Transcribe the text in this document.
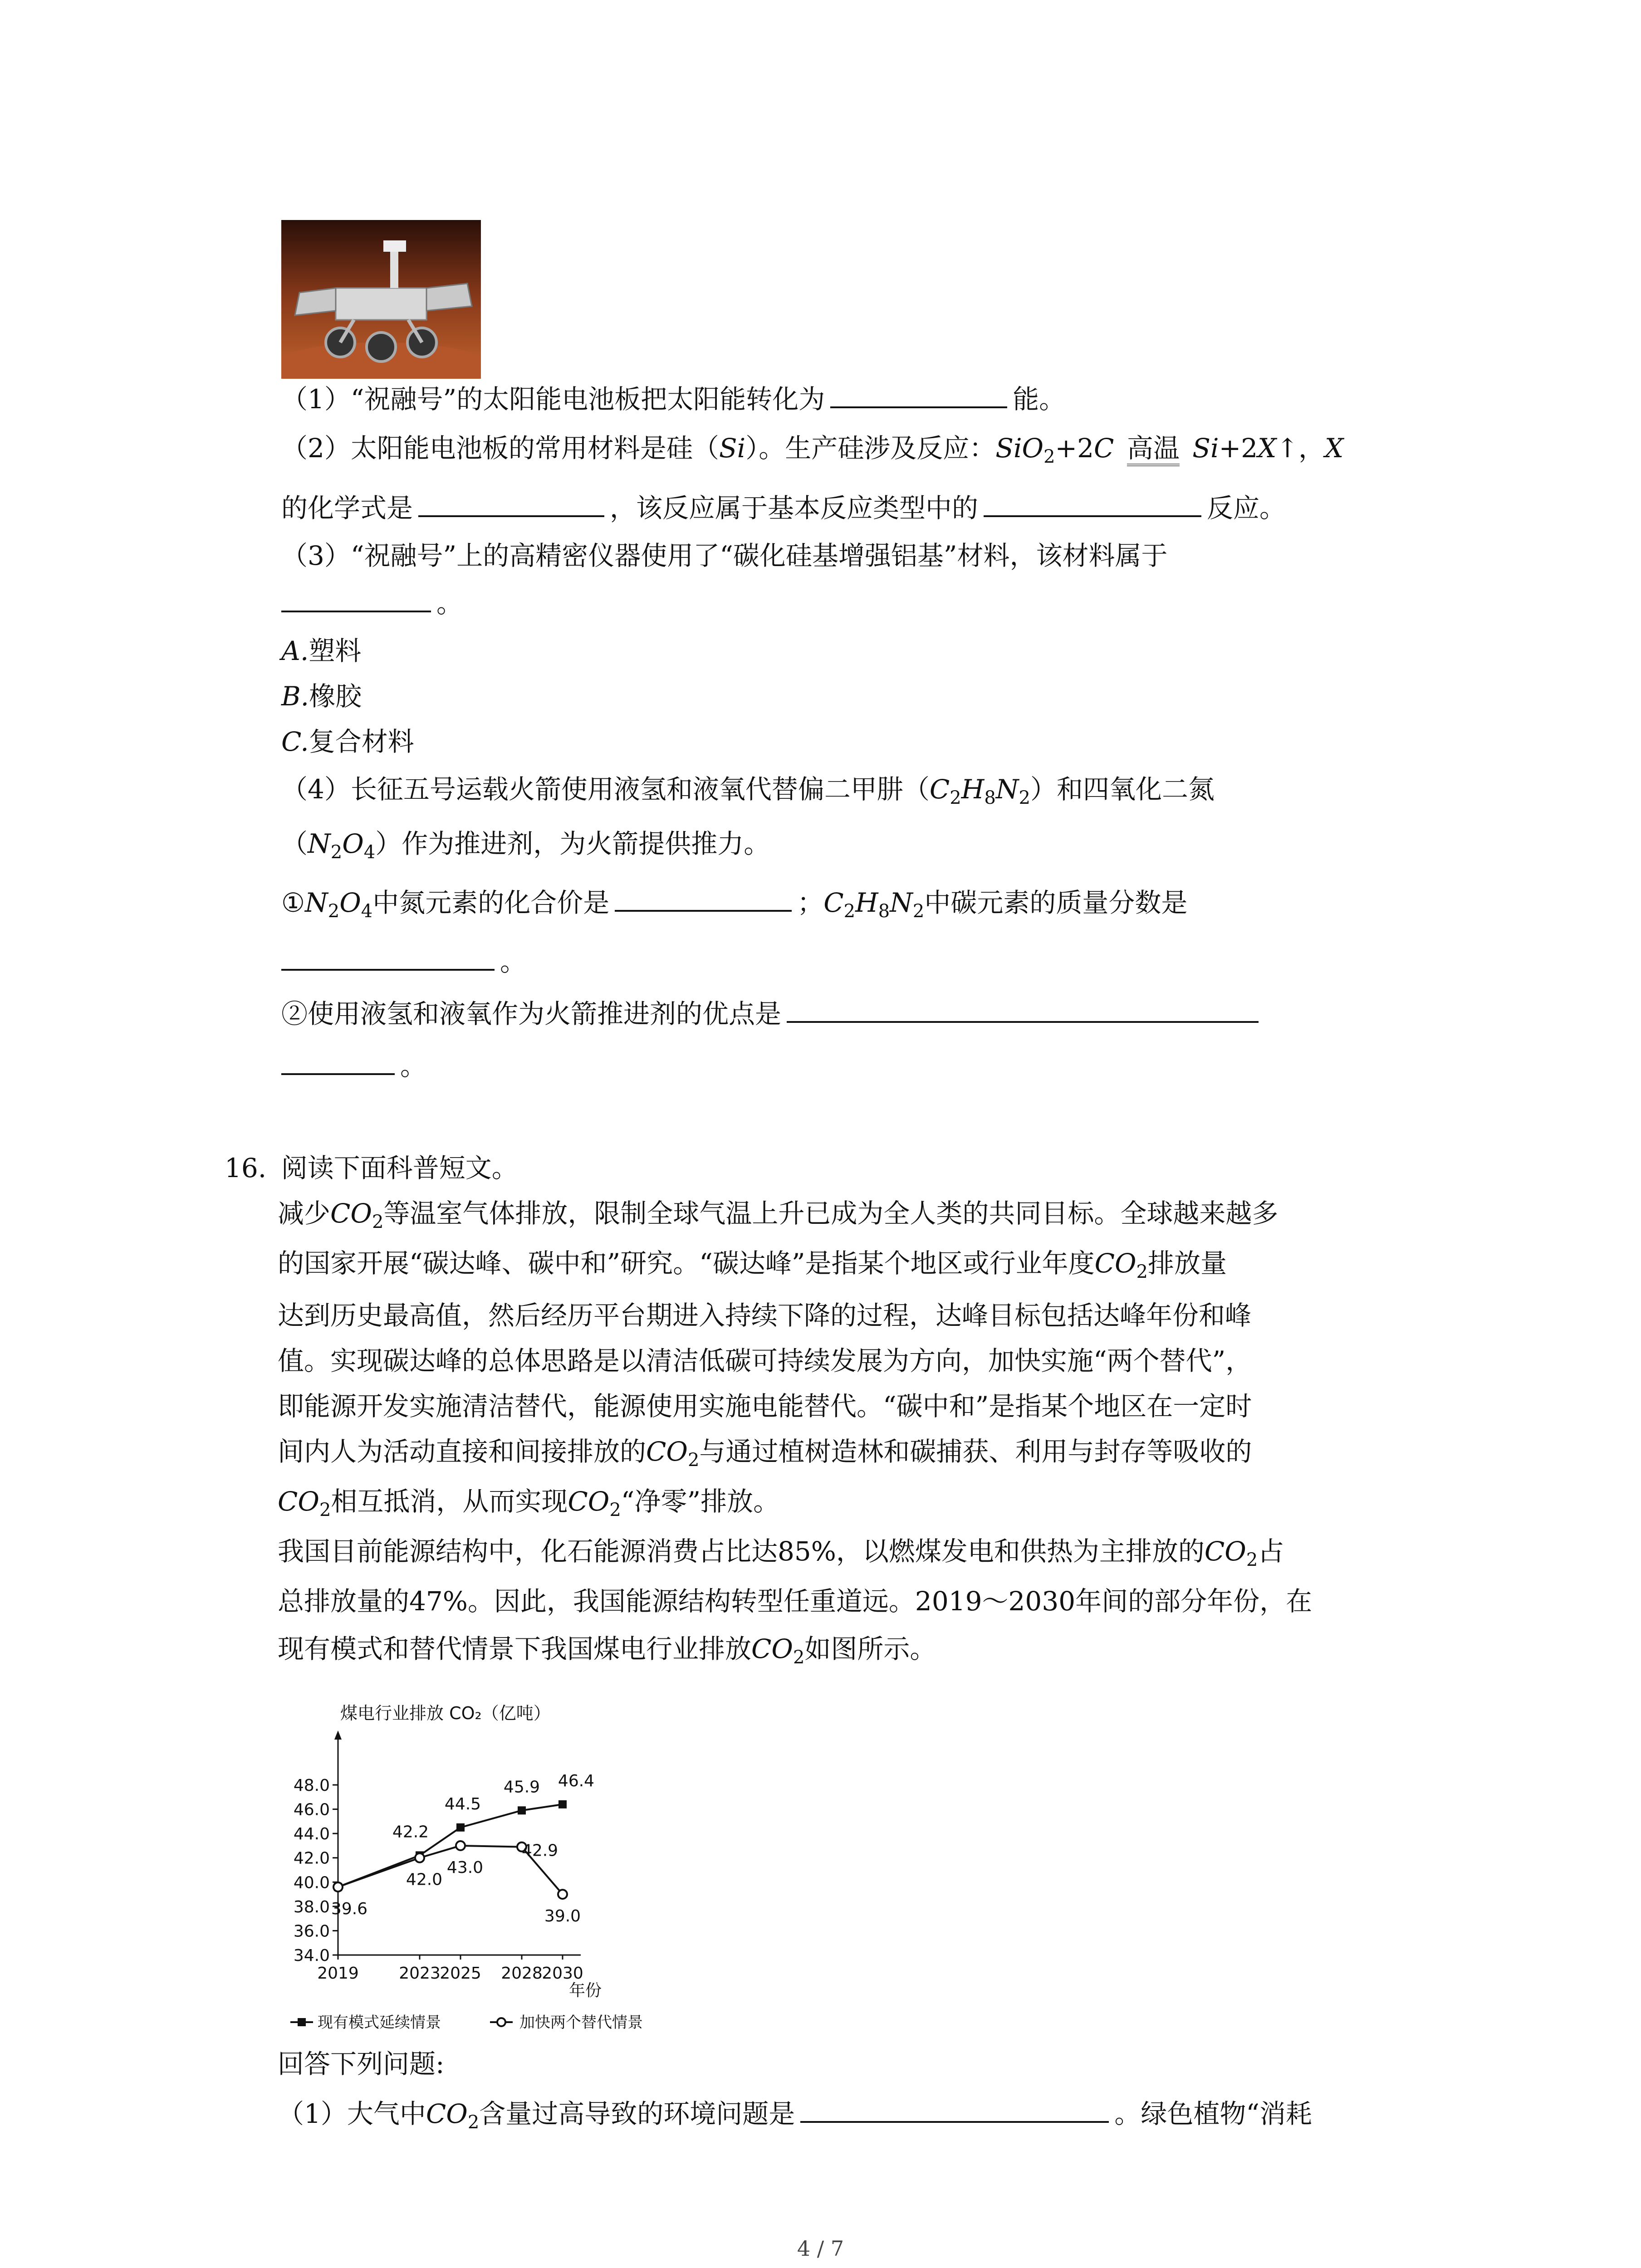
（1）“祝融号”的太阳能电池板把太阳能转化为	能。
（2）太阳能电池板的常用材料是硅（Si）。生产硅涉及反应：SiO$_2$+2C 高温 Si+2X↑，X
的化学式是	，该反应属于基本反应类型中的	反应。
（3）“祝融号”上的高精密仪器使用了“碳化硅基增强铝基”材料，该材料属于
。
A.塑料
B.橡胶
C.复合材料
（4）长征五号运载火箭使用液氢和液氧代替偏二甲肼$(C_2H_8N_2)$和四氧化二氮
$(N_2O_4)$作为推进剂，为火箭提供推力。
$①N_2O_4$中氮元素的化合价是	；$C_2H_8N_2$中碳元素的质量分数是
。
②使用液氢和液氧作为火箭推进剂的优点是
。
16. 阅读下面科普短文。
减少$CO_2$等温室气体排放，限制全球气温上升已成为全人类的共同目标。全球越来越多
的国家开展“碳达峰、碳中和”研究。“碳达峰”是指某个地区或行业年度$CO_2$排放量
达到历史最高值，然后经历平台期进入持续下降的过程，达峰目标包括达峰年份和峰
值。实现碳达峰的总体思路是以清洁低碳可持续发展为方向，加快实施“两个替代”，
即能源开发实施清洁替代，能源使用实施电能替代。“碳中和”是指某个地区在一定时
间内人为活动直接和间接排放的$CO_2$与通过植树造林和碳捕获、利用与封存等吸收的
$CO_2$相互抵消，从而实现$CO_2“$净零”排放。
我国目前能源结构中，化石能源消费占比达85%，以燃煤发电和供热为主排放的$CO_2$占
总排放量的47%。因此，我国能源结构转型任重道远。2019～2030年间的部分年份，在
现有模式和替代情景下我国煤电行业排放$CO_2$如图所示。
煤电行业排放 CO₂（亿吨）
34.0
36.0
38.0
40.0
42.0
44.0
46.0
48.0
2019 2023
2025 2028
2030
年份
42.2
44.5
45.9 46.4
39.6
42.0
43.0
42.9
39.0
现有模式延续情景	加快两个替代情景
回答下列问题:
（1）大气中$CO_2$含量过高导致的环境问题是	。绿色植物“消耗
4 / 7
